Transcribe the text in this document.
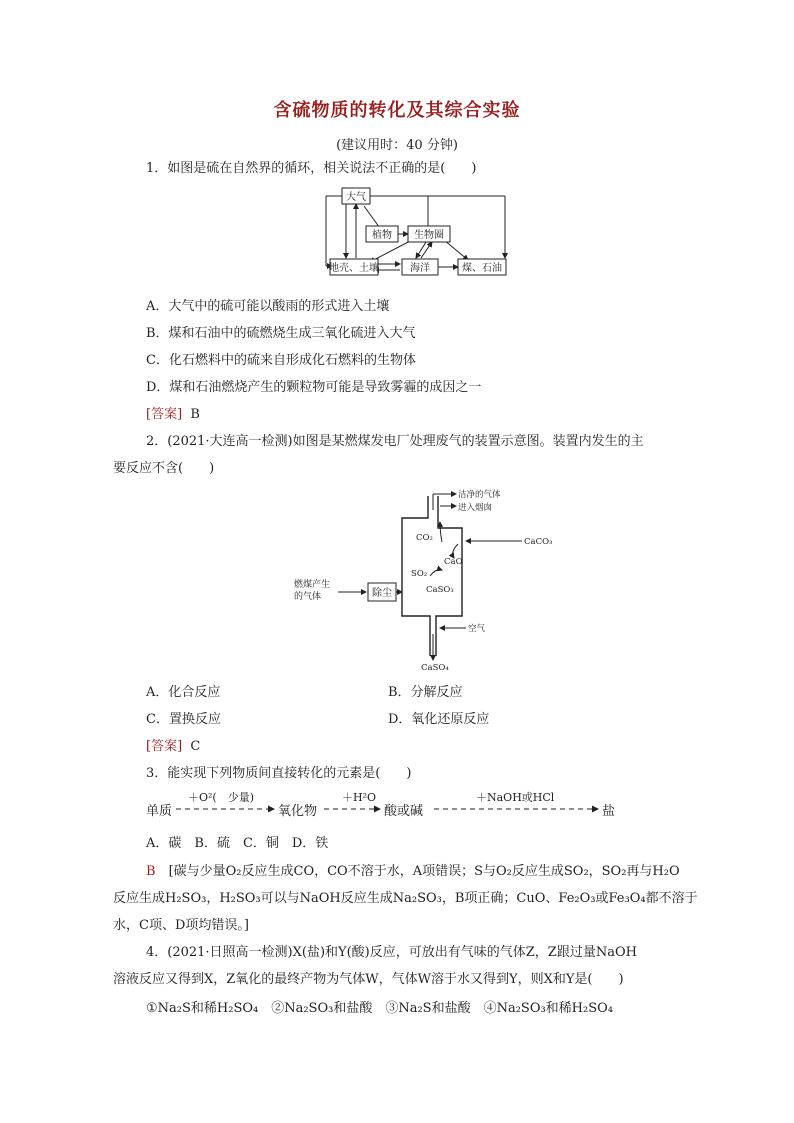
含硫物质的转化及其综合实验
(建议用时：40 分钟)
1．如图是硫在自然界的循环，相关说法不正确的是(　　)
大气
植物 生物圈
地壳、土壤	海洋	煤、石油
A．大气中的硫可能以酸雨的形式进入土壤
B．煤和石油中的硫燃烧生成三氧化硫进入大气
C．化石燃料中的硫来自形成化石燃料的生物体
D．煤和石油燃烧产生的颗粒物可能是导致雾霾的成因之一
[答案] B
2．(2021·大连高一检测)如图是某燃煤发电厂处理废气的装置示意图。装置内发生的主
要反应不含(　　)
除尘
洁净的气体
进入烟囱
CO₂	CaCO₃
CaO
SO₂
CaSO₃
燃煤产生
的气体
空气
CaSO₄
A．化合反应	B．分解反应
C．置换反应	D．氧化还原反应
[答案] C
3．能实现下列物质间直接转化的元素是(　　)
单质
＋O²(　少量)
氧化物
＋H²O
酸或碱
＋NaOH或HCl
盐
A．碳　B．硫　C．铜　D．铁
B　[碳与少量O₂反应生成CO，CO不溶于水，A项错误；S与O₂反应生成SO₂，SO₂再与H₂O
反应生成H₂SO₃，H₂SO₃可以与NaOH反应生成Na₂SO₃，B项正确；CuO、Fe₂O₃或Fe₃O₄都不溶于
水，C项、D项均错误。]
4．(2021·日照高一检测)X(盐)和Y(酸)反应，可放出有气味的气体Z，Z跟过量NaOH
溶液反应又得到X，Z氧化的最终产物为气体W，气体W溶于水又得到Y，则X和Y是(　　)
①Na₂S和稀H₂SO₄　②Na₂SO₃和盐酸　③Na₂S和盐酸　④Na₂SO₃和稀H₂SO₄
